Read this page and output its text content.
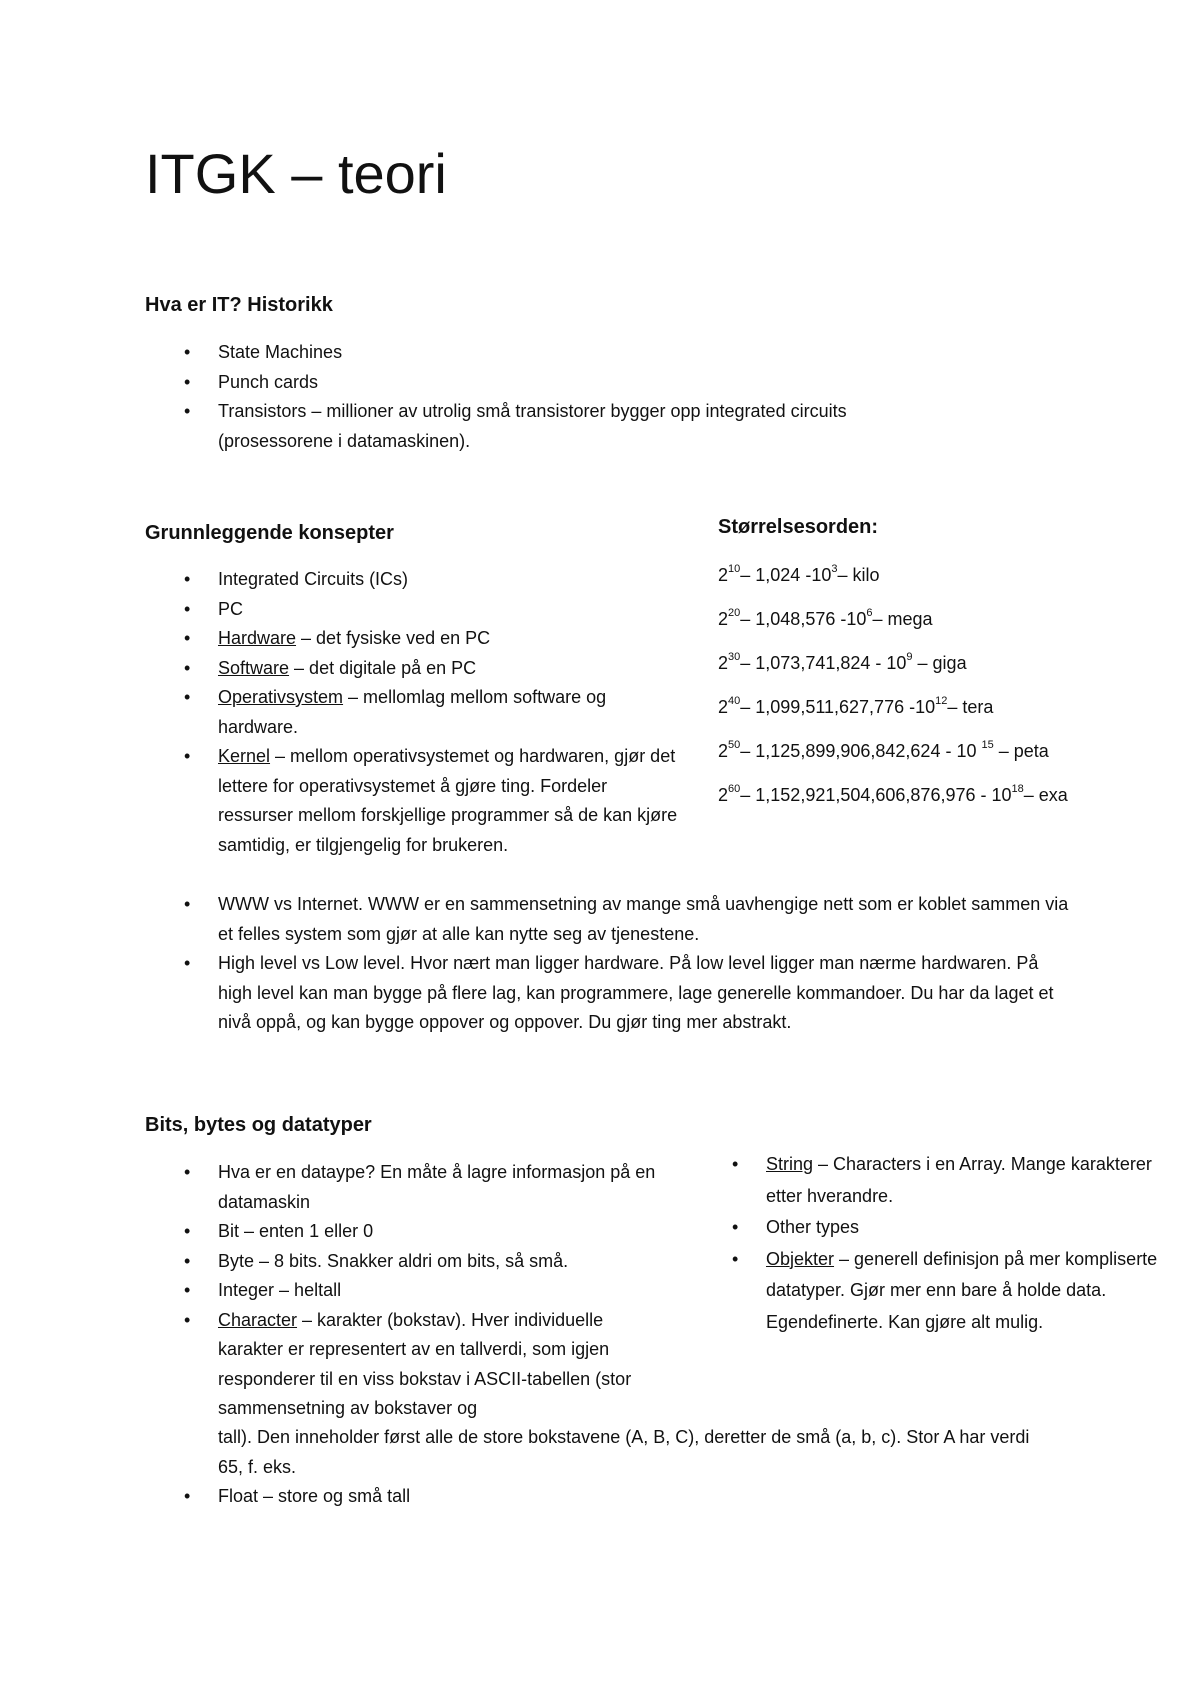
ITGK – teori
Hva er IT? Historikk
• State Machines
• Punch cards
• Transistors – millioner av utrolig små transistorer bygger opp integrated circuits (prosessorene i datamaskinen).
Grunnleggende konsepter
• Integrated Circuits (ICs)
• PC
• Hardware – det fysiske ved en PC
• Software – det digitale på en PC
• Operativsystem – mellomlag mellom software og hardware.
• Kernel – mellom operativsystemet og hardwaren, gjør det lettere for operativsystemet å gjøre ting. Fordeler ressurser mellom forskjellige programmer så de kan kjøre samtidig, er tilgjengelig for brukeren.
Størrelsesorden:
$2^{10}-$ 1,024 $-10^3-$ kilo
$2^{20}-$ 1,048,576 $-10^6-$ mega
$2^{30}-$ $1,073,741,824 - 10^9$ – giga
$2^{40}-$ 1,099,511,627,776 $-10^{12}-$ tera
$2^{50}-$ 1,125,899,906,842,624 - 10 $^{15}$ – peta
$2^{60}-$ $1,152,921,504,606,876,976 - 10^{18}-$ exa
• WWW vs Internet. WWW er en sammensetning av mange små uavhengige nett som er koblet sammen via et felles system som gjør at alle kan nytte seg av tjenestene.
• High level vs Low level. Hvor nært man ligger hardware. På low level ligger man nærme hardwaren. På high level kan man bygge på flere lag, kan programmere, lage generelle kommandoer. Du har da laget et nivå oppå, og kan bygge oppover og oppover. Du gjør ting mer abstrakt.
Bits, bytes og datatyper
• Hva er en dataype? En måte å lagre informasjon på en datamaskin
• Bit – enten 1 eller 0
• Byte – 8 bits. Snakker aldri om bits, så små.
• Integer – heltall
• Character – karakter (bokstav). Hver individuelle karakter er representert av en tallverdi, som igjen responderer til en viss bokstav i ASCII-tabellen (stor sammensetning av bokstaver og
tall). Den inneholder først alle de store bokstavene (A, B, C), deretter de små (a, b, c). Stor A har verdi 65, f. eks.
• Float – store og små tall
• String – Characters i en Array. Mange karakterer etter hverandre.
• Other types
• Objekter – generell definisjon på mer kompliserte datatyper. Gjør mer enn bare å holde data. Egendefinerte. Kan gjøre alt mulig.
